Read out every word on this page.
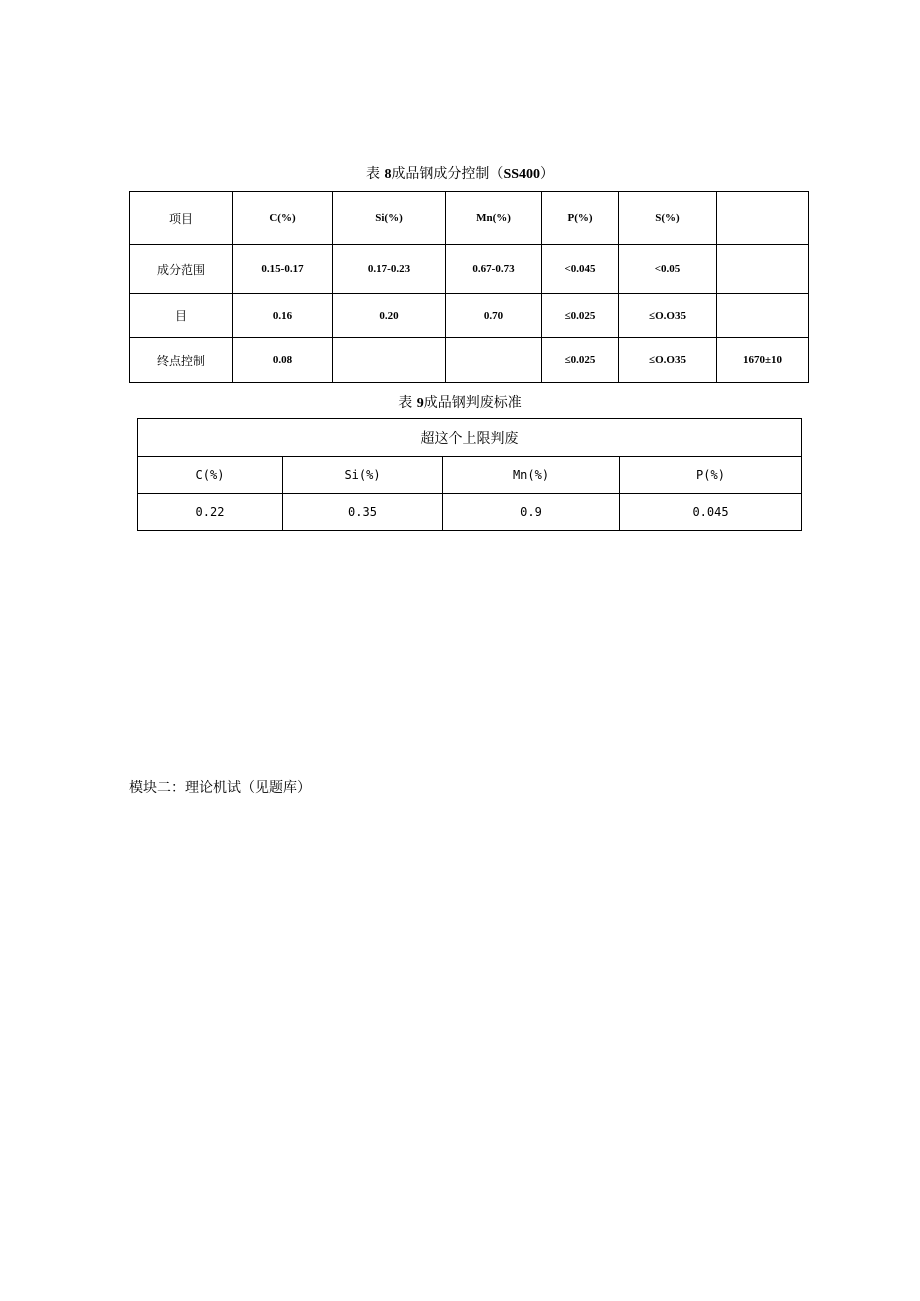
表 8成品钢成分控制（SS400）
项目	C(%)	Si(%)	Mn(%)	P(%)	S(%)	
成分范围	0.15-0.17	0.17-0.23	0.67-0.73	<0.045	<0.05	
目	0.16	0.20	0.70	≤0.025	≤O.O35	
终点控制	0.08			≤0.025	≤O.O35	1670±10
表 9成品钢判废标准
超这个上限判废			
C(%)	Si(%)	Mn(%)	P(%)
0.22	0.35	0.9	0.045
模块二：理论机试（见题库）
